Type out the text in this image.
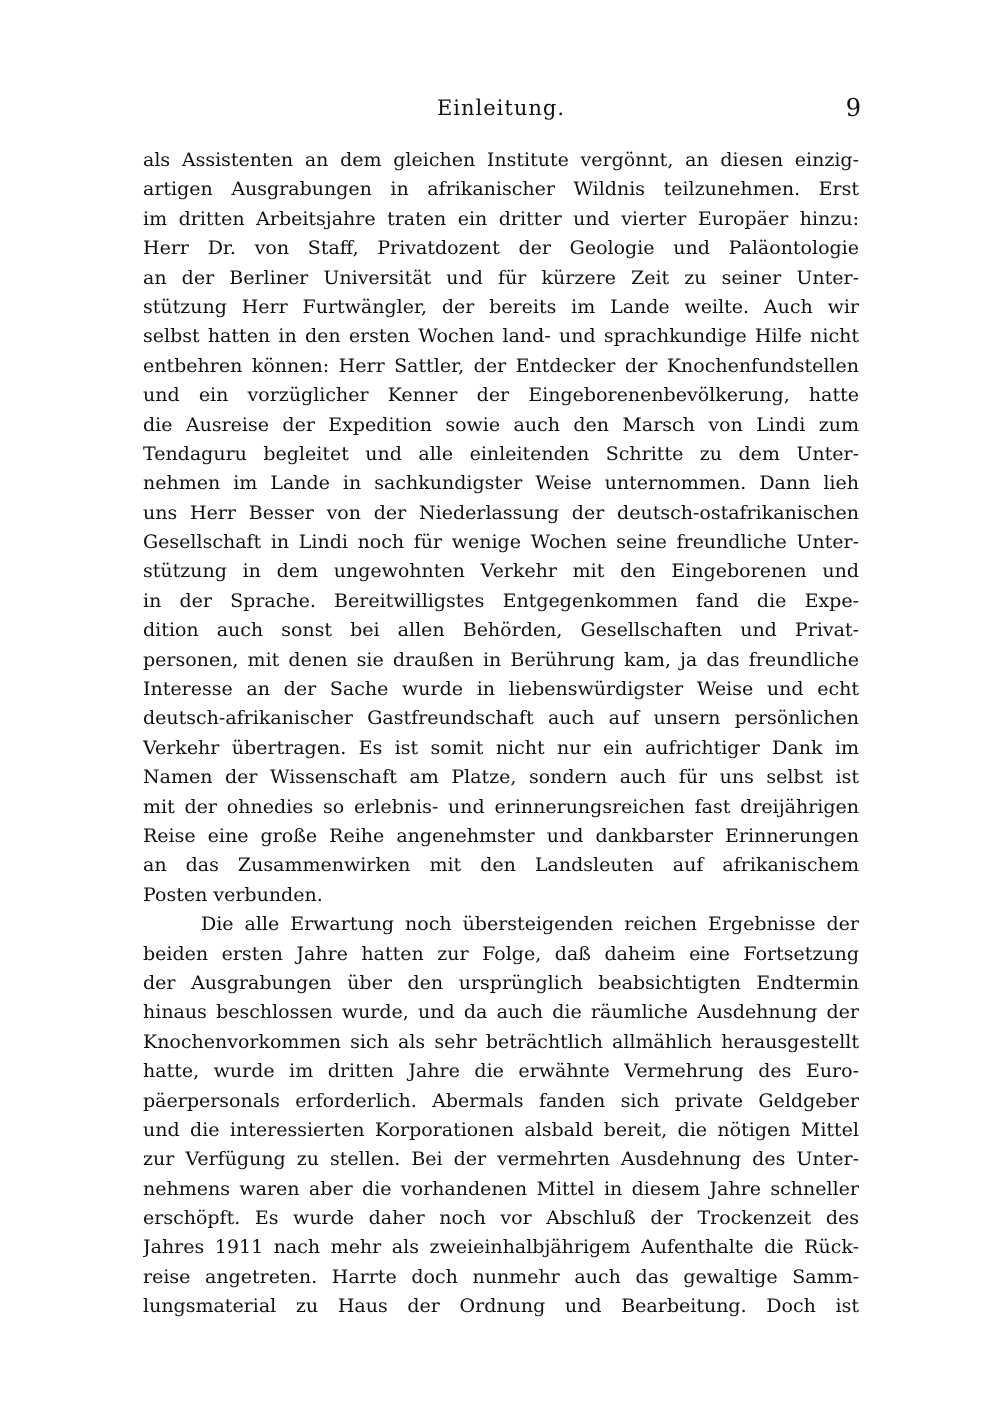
Einleitung.	9
als Assistenten an dem gleichen Institute vergönnt, an diesen einzig-
artigen Ausgrabungen in afrikanischer Wildnis teilzunehmen. Erst
im dritten Arbeitsjahre traten ein dritter und vierter Europäer hinzu:
Herr Dr. von Staff, Privatdozent der Geologie und Paläontologie
an der Berliner Universität und für kürzere Zeit zu seiner Unter-
stützung Herr Furtwängler, der bereits im Lande weilte. Auch wir
selbst hatten in den ersten Wochen land- und sprachkundige Hilfe nicht
entbehren können: Herr Sattler, der Entdecker der Knochenfundstellen
und ein vorzüglicher Kenner der Eingeborenenbevölkerung, hatte
die Ausreise der Expedition sowie auch den Marsch von Lindi zum
Tendaguru begleitet und alle einleitenden Schritte zu dem Unter-
nehmen im Lande in sachkundigster Weise unternommen. Dann lieh
uns Herr Besser von der Niederlassung der deutsch-ostafrikanischen
Gesellschaft in Lindi noch für wenige Wochen seine freundliche Unter-
stützung in dem ungewohnten Verkehr mit den Eingeborenen und
in der Sprache. Bereitwilligstes Entgegenkommen fand die Expe-
dition auch sonst bei allen Behörden, Gesellschaften und Privat-
personen, mit denen sie draußen in Berührung kam, ja das freundliche
Interesse an der Sache wurde in liebenswürdigster Weise und echt
deutsch-afrikanischer Gastfreundschaft auch auf unsern persönlichen
Verkehr übertragen. Es ist somit nicht nur ein aufrichtiger Dank im
Namen der Wissenschaft am Platze, sondern auch für uns selbst ist
mit der ohnedies so erlebnis- und erinnerungsreichen fast dreijährigen
Reise eine große Reihe angenehmster und dankbarster Erinnerungen
an das Zusammenwirken mit den Landsleuten auf afrikanischem
Posten verbunden.
Die alle Erwartung noch übersteigenden reichen Ergebnisse der
beiden ersten Jahre hatten zur Folge, daß daheim eine Fortsetzung
der Ausgrabungen über den ursprünglich beabsichtigten Endtermin
hinaus beschlossen wurde, und da auch die räumliche Ausdehnung der
Knochenvorkommen sich als sehr beträchtlich allmählich herausgestellt
hatte, wurde im dritten Jahre die erwähnte Vermehrung des Euro-
päerpersonals erforderlich. Abermals fanden sich private Geldgeber
und die interessierten Korporationen alsbald bereit, die nötigen Mittel
zur Verfügung zu stellen. Bei der vermehrten Ausdehnung des Unter-
nehmens waren aber die vorhandenen Mittel in diesem Jahre schneller
erschöpft. Es wurde daher noch vor Abschluß der Trockenzeit des
Jahres 1911 nach mehr als zweieinhalbjährigem Aufenthalte die Rück-
reise angetreten. Harrte doch nunmehr auch das gewaltige Samm-
lungsmaterial zu Haus der Ordnung und Bearbeitung. Doch ist
